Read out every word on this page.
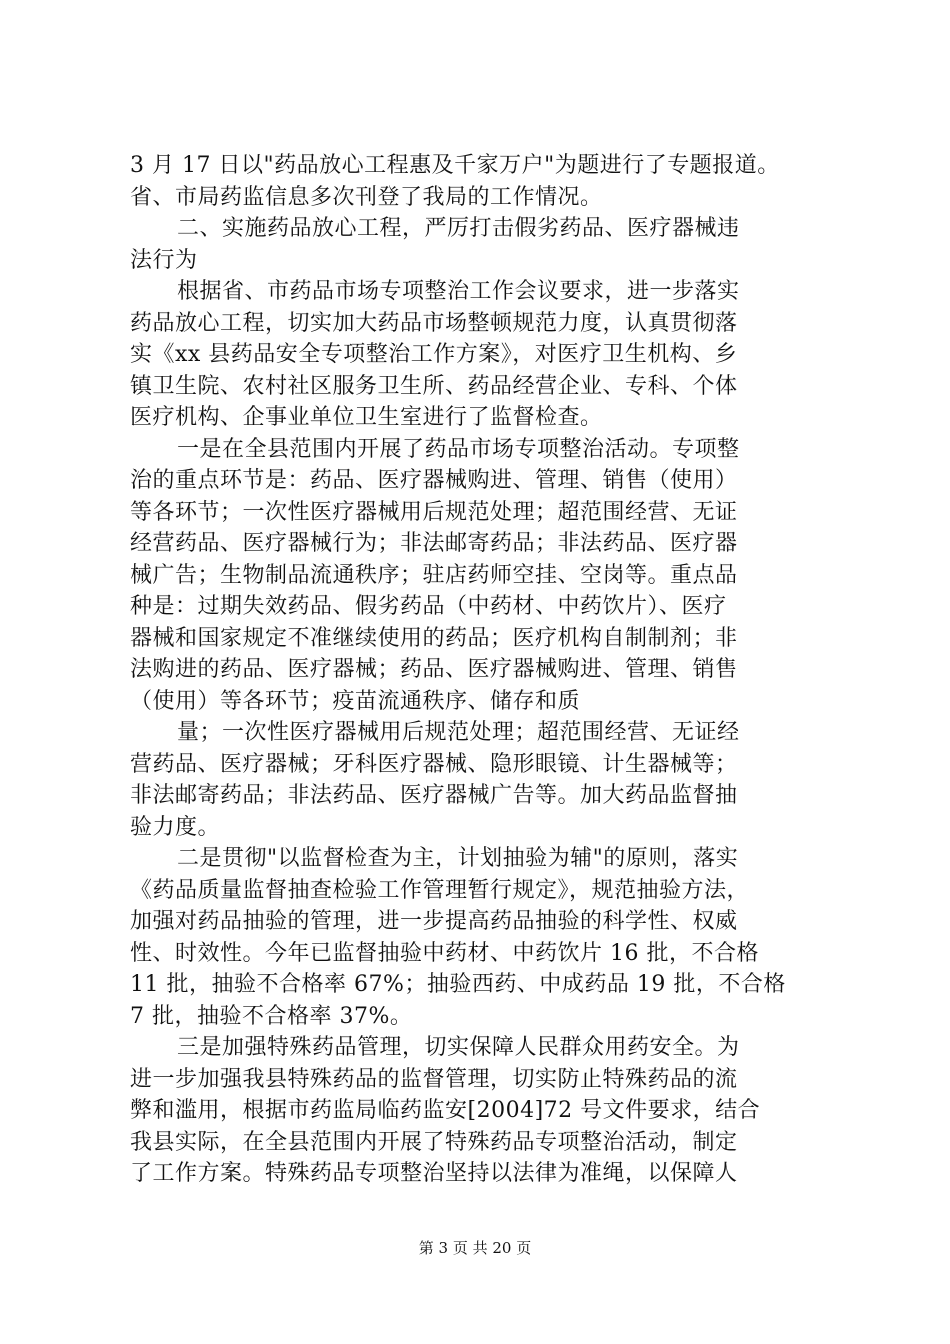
3 月 17 日以"药品放心工程惠及千家万户"为题进行了专题报道。
省、市局药监信息多次刊登了我局的工作情况。
二、实施药品放心工程，严厉打击假劣药品、医疗器械违
法行为
根据省、市药品市场专项整治工作会议要求，进一步落实
药品放心工程，切实加大药品市场整顿规范力度，认真贯彻落
实《xx 县药品安全专项整治工作方案》，对医疗卫生机构、乡
镇卫生院、农村社区服务卫生所、药品经营企业、专科、个体
医疗机构、企事业单位卫生室进行了监督检查。
一是在全县范围内开展了药品市场专项整治活动。专项整
治的重点环节是：药品、医疗器械购进、管理、销售（使用）
等各环节；一次性医疗器械用后规范处理；超范围经营、无证
经营药品、医疗器械行为；非法邮寄药品；非法药品、医疗器
械广告；生物制品流通秩序；驻店药师空挂、空岗等。重点品
种是：过期失效药品、假劣药品（中药材、中药饮片）、医疗
器械和国家规定不准继续使用的药品；医疗机构自制制剂；非
法购进的药品、医疗器械；药品、医疗器械购进、管理、销售
（使用）等各环节；疫苗流通秩序、储存和质
量；一次性医疗器械用后规范处理；超范围经营、无证经
营药品、医疗器械；牙科医疗器械、隐形眼镜、计生器械等；
非法邮寄药品；非法药品、医疗器械广告等。加大药品监督抽
验力度。
二是贯彻"以监督检查为主，计划抽验为辅"的原则，落实
《药品质量监督抽查检验工作管理暂行规定》，规范抽验方法，
加强对药品抽验的管理，进一步提高药品抽验的科学性、权威
性、时效性。今年已监督抽验中药材、中药饮片 16 批，不合格
11 批，抽验不合格率 67%；抽验西药、中成药品 19 批，不合格
7 批，抽验不合格率 37%。
三是加强特殊药品管理，切实保障人民群众用药安全。为
进一步加强我县特殊药品的监督管理，切实防止特殊药品的流
弊和滥用，根据市药监局临药监安[2004]72 号文件要求，结合
我县实际，在全县范围内开展了特殊药品专项整治活动，制定
了工作方案。特殊药品专项整治坚持以法律为准绳，以保障人
第 3 页 共 20 页
